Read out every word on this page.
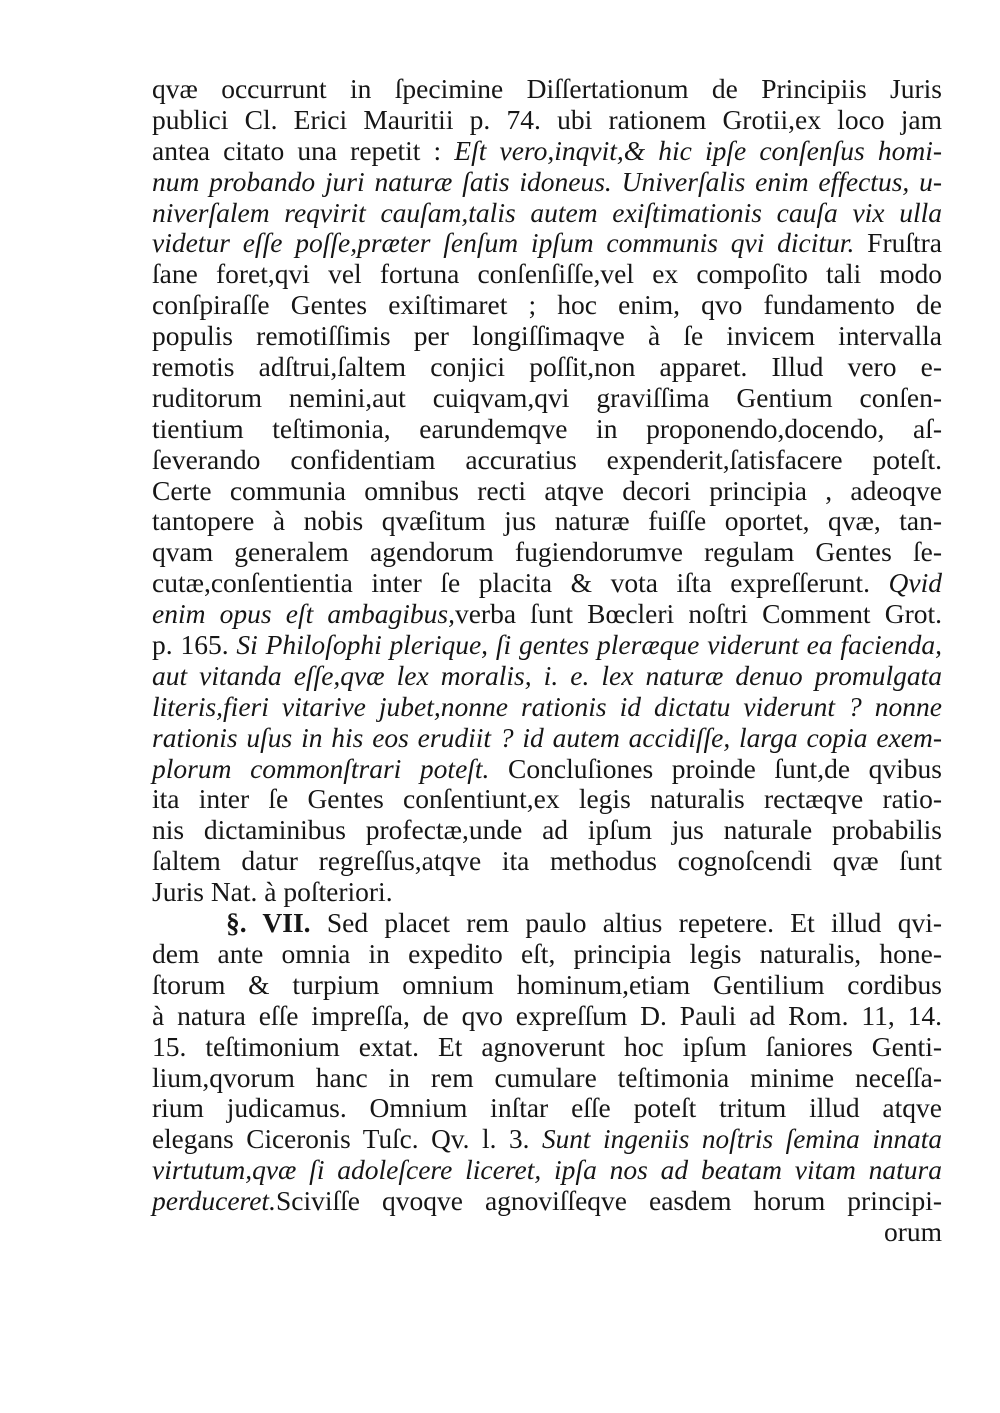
qvæ occurrunt in ſpecimine Diſſertationum de Principiis Juris
publici Cl. Erici Mauritii p. 74. ubi rationem Grotii,ex loco jam
antea citato una repetit : Eſt vero,inqvit,& hic ipſe conſenſus homi-
num probando juri naturæ ſatis idoneus. Univerſalis enim effectus, u-
niverſalem reqvirit cauſam,talis autem exiſtimationis cauſa vix ulla
videtur eſſe poſſe,præter ſenſum ipſum communis qvi dicitur. Fruſtra
ſane foret,qvi vel fortuna conſenſiſſe,vel ex compoſito tali modo
conſpiraſſe Gentes exiſtimaret ; hoc enim, qvo fundamento de
populis remotiſſimis per longiſſimaqve à ſe invicem intervalla
remotis adſtrui,ſaltem conjici poſſit,non apparet. Illud vero e-
ruditorum nemini,aut cuiqvam,qvi graviſſima Gentium conſen-
tientium teſtimonia, earundemqve in proponendo,docendo, aſ-
ſeverando confidentiam accuratius expenderit,ſatisfacere poteſt.
Certe communia omnibus recti atqve decori principia , adeoqve
tantopere à nobis qvæſitum jus naturæ fuiſſe oportet, qvæ, tan-
qvam generalem agendorum fugiendorumve regulam Gentes ſe-
cutæ,conſentientia inter ſe placita & vota iſta expreſſerunt. Qvid
enim opus eſt ambagibus,verba ſunt Bœcleri noſtri Comment Grot.
p. 165. Si Philoſophi plerique, ſi gentes pleræque viderunt ea facienda,
aut vitanda eſſe,qvæ lex moralis, i. e. lex naturæ denuo promulgata
literis,fieri vitarive jubet,nonne rationis id dictatu viderunt ? nonne
rationis uſus in his eos erudiit ? id autem accidiſſe, larga copia exem-
plorum commonſtrari poteſt. Concluſiones proinde ſunt,de qvibus
ita inter ſe Gentes conſentiunt,ex legis naturalis rectæqve ratio-
nis dictaminibus profectæ,unde ad ipſum jus naturale probabilis
ſaltem datur regreſſus,atqve ita methodus cognoſcendi qvæ ſunt
Juris Nat. à poſteriori.
§. VII. Sed placet rem paulo altius repetere. Et illud qvi-
dem ante omnia in expedito eſt, principia legis naturalis, hone-
ſtorum & turpium omnium hominum,etiam Gentilium cordibus
à natura eſſe impreſſa, de qvo expreſſum D. Pauli ad Rom. 11, 14.
15. teſtimonium extat. Et agnoverunt hoc ipſum ſaniores Genti-
lium,qvorum hanc in rem cumulare teſtimonia minime neceſſa-
rium judicamus. Omnium inſtar eſſe poteſt tritum illud atqve
elegans Ciceronis Tuſc. Qv. l. 3. Sunt ingeniis noſtris ſemina innata
virtutum,qvæ ſi adoleſcere liceret, ipſa nos ad beatam vitam natura
perduceret.Sciviſſe qvoqve agnoviſſeqve easdem horum principi-
orum
